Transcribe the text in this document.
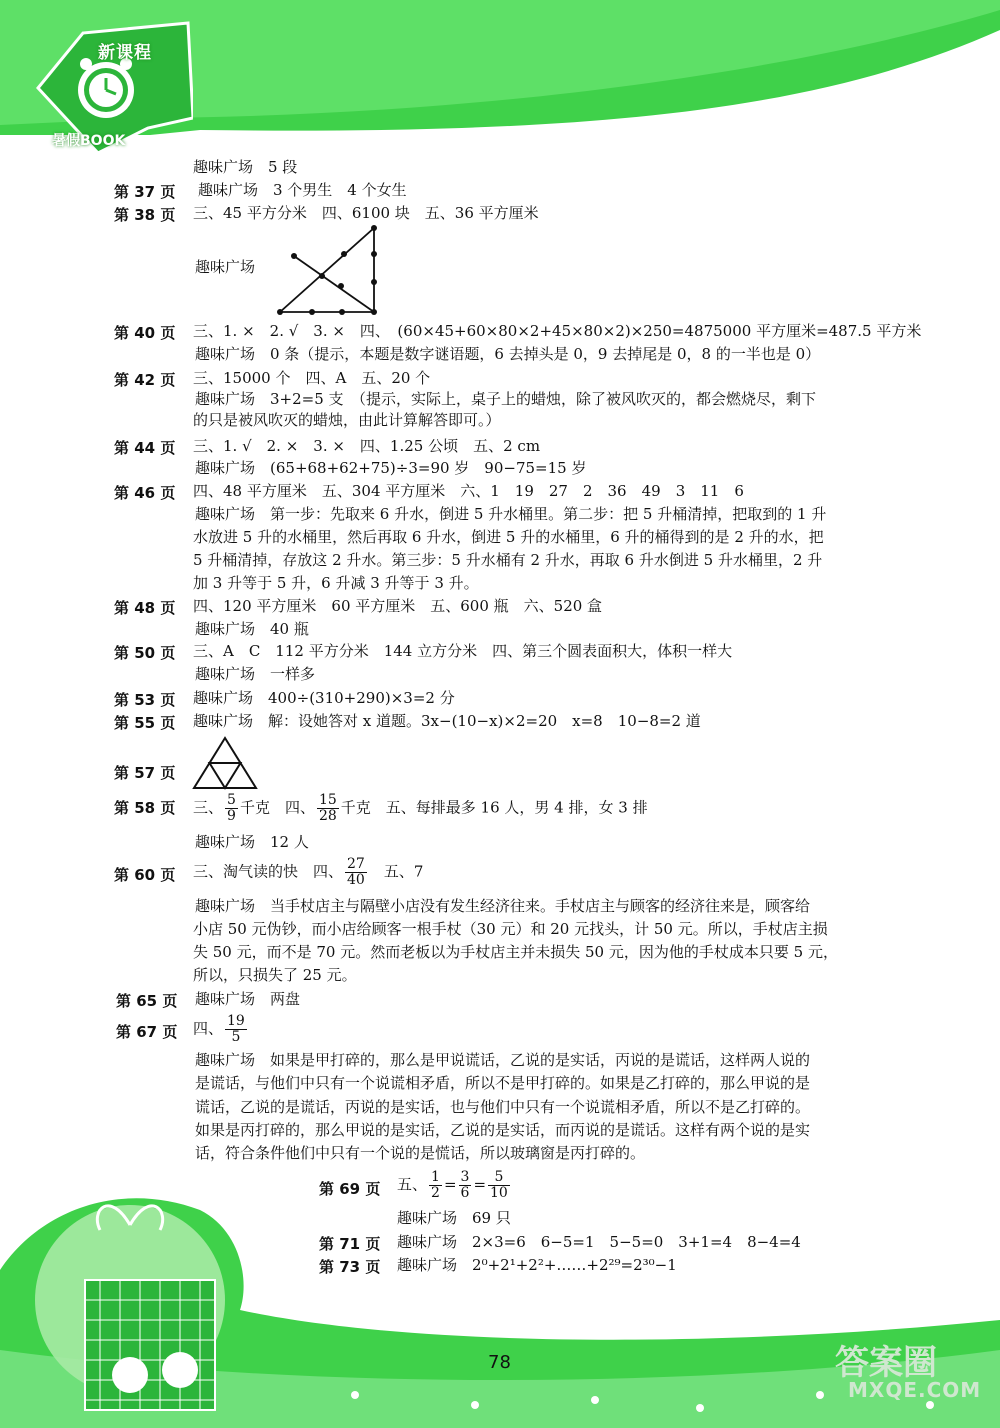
新课程
暑假BOOK
趣味广场　5 段
第 37 页 趣味广场　3 个男生　4 个女生
第 38 页 三、45 平方分米　四、6100 块　五、36 平方厘米
趣味广场
第 40 页 三、1. ×　2. √　3. ×　四、　(60×45+60×80×2+45×80×2)×250=4875000 平方厘米=487.5 平方米
趣味广场　0 条（提示，本题是数字谜语题，6 去掉头是 0，9 去掉尾是 0，8 的一半也是 0）
第 42 页 三、15000 个　四、A　五、20 个
趣味广场　3+2=5 支　（提示，实际上，桌子上的蜡烛，除了被风吹灭的，都会燃烧尽，剩下
的只是被风吹灭的蜡烛，由此计算解答即可。）
第 44 页 三、1. √　2. ×　3. ×　四、1.25 公顷　五、2 cm
趣味广场　(65+68+62+75)÷3=90 岁　90−75=15 岁
第 46 页 四、48 平方厘米　五、304 平方厘米　六、1　19　27　2　36　49　3　11　6
趣味广场　第一步：先取来 6 升水，倒进 5 升水桶里。第二步：把 5 升桶清掉，把取到的 1 升
水放进 5 升的水桶里，然后再取 6 升水，倒进 5 升的水桶里，6 升的桶得到的是 2 升的水，把
5 升桶清掉，存放这 2 升水。第三步：5 升水桶有 2 升水，再取 6 升水倒进 5 升水桶里，2 升
加 3 升等于 5 升，6 升减 3 升等于 3 升。
第 48 页 四、120 平方厘米　60 平方厘米　五、600 瓶　六、520 盒
趣味广场　40 瓶
第 50 页 三、A　C　112 平方分米　144 立方分米　四、第三个圆表面积大，体积一样大
趣味广场　一样多
第 53 页 趣味广场　400÷(310+290)×3=2 分
第 55 页 趣味广场　解：设她答对 x 道题。3x−(10−x)×2=20　x=8　10−8=2 道
第 57 页
第 58 页
趣味广场　12 人
第 60 页
趣味广场　当手杖店主与隔壁小店没有发生经济往来。手杖店主与顾客的经济往来是，顾客给
小店 50 元伪钞，而小店给顾客一根手杖（30 元）和 20 元找头，计 50 元。所以，手杖店主损
失 50 元，而不是 70 元。然而老板以为手杖店主并未损失 50 元，因为他的手杖成本只要 5 元，
所以，只损失了 25 元。
第 65 页 趣味广场　两盘
第 67 页
趣味广场　如果是甲打碎的，那么是甲说谎话，乙说的是实话，丙说的是谎话，这样两人说的
是谎话，与他们中只有一个说谎相矛盾，所以不是甲打碎的。如果是乙打碎的，那么甲说的是
谎话，乙说的是谎话，丙说的是实话，也与他们中只有一个说谎相矛盾，所以不是乙打碎的。
如果是丙打碎的，那么甲说的是实话，乙说的是实话，而丙说的是谎话。这样有两个说的是实
话，符合条件他们中只有一个说的是慌话，所以玻璃窗是丙打碎的。
第 69 页
趣味广场　69 只
第 71 页 趣味广场　2×3=6　6−5=1　5−5=0　3+1=4　8−4=4
第 73 页
三、 $\frac{5}{9}$ 千克　四、 $\frac{15}{28}$ 千克　五、每排最多 16 人，男 4 排，女 3 排
三、淘气读的快　四、 $\frac{27}{40}$ 　五、7
四、 $\frac{19}{5}$
五、 $\frac{1}{2} = \frac{3}{6} = \frac{5}{10}$
趣味广场　 2⁰+2¹+2²+……+2²⁹=2³⁰−1
78	答案圈
MXQE.COM
